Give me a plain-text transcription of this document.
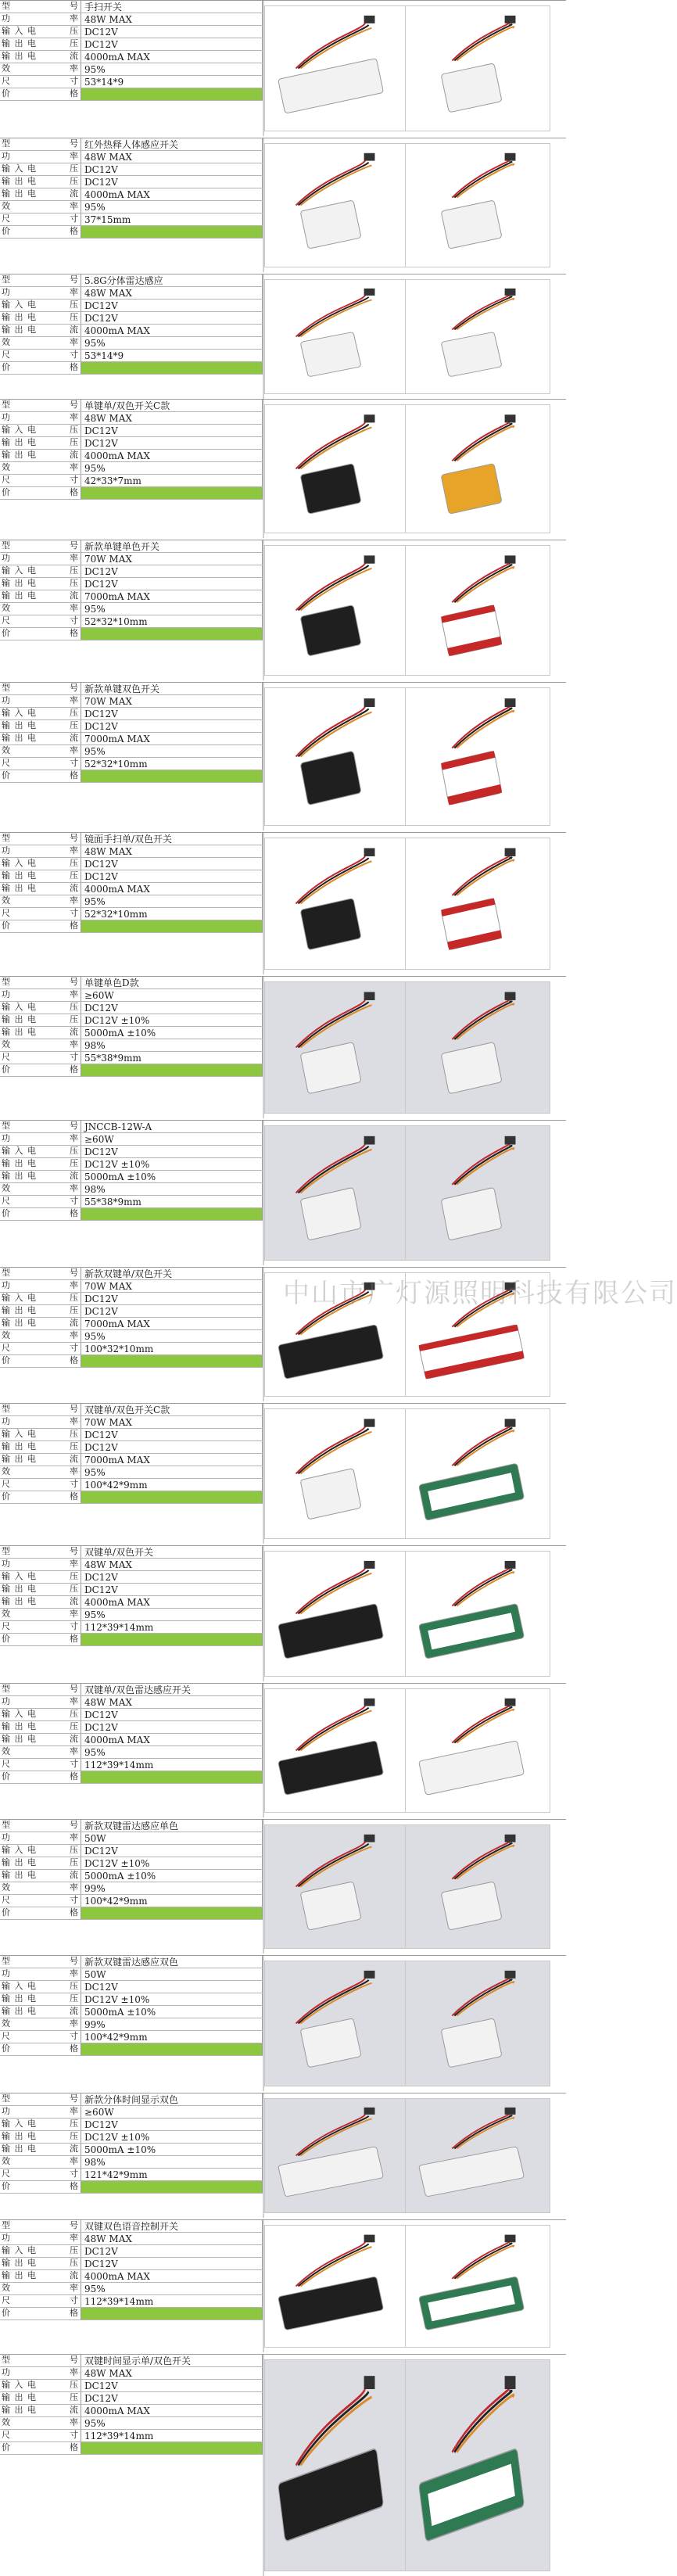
型	号 手扫开关
功	率 48W MAX
输 入 电	压 DC12V
输 出 电	压 DC12V
输 出 电	流 4000mA MAX
效	率 95%
尺	寸 53*14*9
价	格
型	号 红外热释人体感应开关
功	率 48W MAX
输 入 电	压 DC12V
输 出 电	压 DC12V
输 出 电	流 4000mA MAX
效	率 95%
尺	寸 37*15mm
价	格
型	号 5.8G分体雷达感应
功	率 48W MAX
输 入 电	压 DC12V
输 出 电	压 DC12V
输 出 电	流 4000mA MAX
效	率 95%
尺	寸 53*14*9
价	格
型	号 单键单/双色开关C款
功	率 48W MAX
输 入 电	压 DC12V
输 出 电	压 DC12V
输 出 电	流 4000mA MAX
效	率 95%
尺	寸 42*33*7mm
价	格
型	号 新款单键单色开关
功	率 70W MAX
输 入 电	压 DC12V
输 出 电	压 DC12V
输 出 电	流 7000mA MAX
效	率 95%
尺	寸 52*32*10mm
价	格
型	号 新款单键双色开关
功	率 70W MAX
输 入 电	压 DC12V
输 出 电	压 DC12V
输 出 电	流 7000mA MAX
效	率 95%
尺	寸 52*32*10mm
价	格
型	号 镜面手扫单/双色开关
功	率 48W MAX
输 入 电	压 DC12V
输 出 电	压 DC12V
输 出 电	流 4000mA MAX
效	率 95%
尺	寸 52*32*10mm
价	格
型	号 单键单色D款
功	率 ≥60W
输 入 电	压 DC12V
输 出 电	压 DC12V ±10%
输 出 电	流 5000mA ±10%
效	率 98%
尺	寸 55*38*9mm
价	格
型	号 JNCCB-12W-A
功	率 ≥60W
输 入 电	压 DC12V
输 出 电	压 DC12V ±10%
输 出 电	流 5000mA ±10%
效	率 98%
尺	寸 55*38*9mm
价	格
型	号 新款双键单/双色开关
功	率 70W MAX
输 入 电	压 DC12V
输 出 电	压 DC12V
输 出 电	流 7000mA MAX
效	率 95%
尺	寸 100*32*10mm
价	格
型	号 双键单/双色开关C款
功	率 70W MAX
输 入 电	压 DC12V
输 出 电	压 DC12V
输 出 电	流 7000mA MAX
效	率 95%
尺	寸 100*42*9mm
价	格
型	号 双键单/双色开关
功	率 48W MAX
输 入 电	压 DC12V
输 出 电	压 DC12V
输 出 电	流 4000mA MAX
效	率 95%
尺	寸 112*39*14mm
价	格
型	号 双键单/双色雷达感应开关
功	率 48W MAX
输 入 电	压 DC12V
输 出 电	压 DC12V
输 出 电	流 4000mA MAX
效	率 95%
尺	寸 112*39*14mm
价	格
型	号 新款双键雷达感应单色
功	率 50W
输 入 电	压 DC12V
输 出 电	压 DC12V ±10%
输 出 电	流 5000mA ±10%
效	率 99%
尺	寸 100*42*9mm
价	格
型	号 新款双键雷达感应双色
功	率 50W
输 入 电	压 DC12V
输 出 电	压 DC12V ±10%
输 出 电	流 5000mA ±10%
效	率 99%
尺	寸 100*42*9mm
价	格
型	号 新款分体时间显示双色
功	率 ≥60W
输 入 电	压 DC12V
输 出 电	压 DC12V ±10%
输 出 电	流 5000mA ±10%
效	率 98%
尺	寸 121*42*9mm
价	格
型	号 双键双色语音控制开关
功	率 48W MAX
输 入 电	压 DC12V
输 出 电	压 DC12V
输 出 电	流 4000mA MAX
效	率 95%
尺	寸 112*39*14mm
价	格
型	号 双键时间显示单/双色开关
功	率 48W MAX
输 入 电	压 DC12V
输 出 电	压 DC12V
输 出 电	流 4000mA MAX
效	率 95%
尺	寸 112*39*14mm
价	格
中山市广灯源照明科技有限公司
